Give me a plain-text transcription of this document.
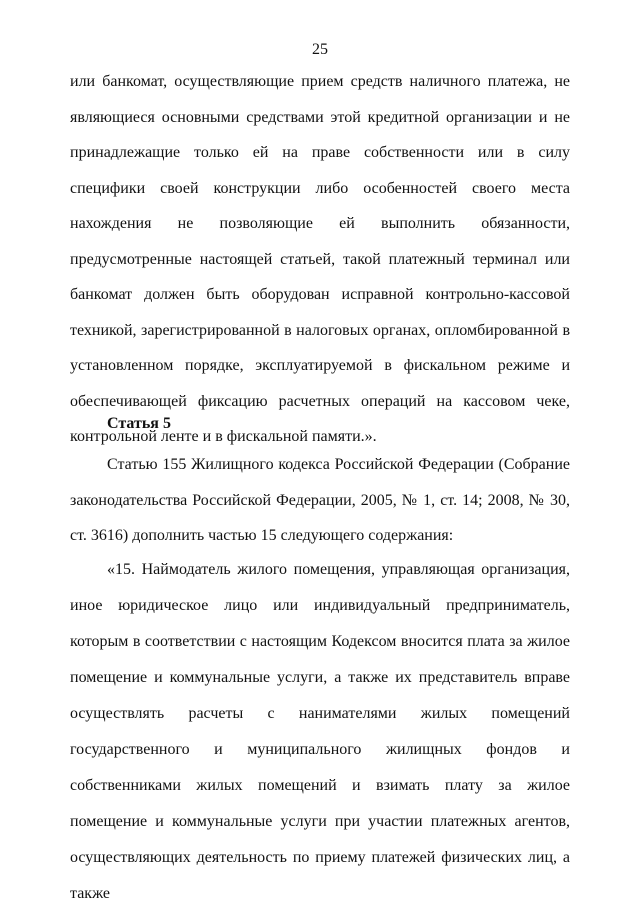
25

или банкомат, осуществляющие прием средств наличного платежа, не являющиеся основными средствами этой кредитной организации и не принадлежащие только ей на праве собственности или в силу специфики своей конструкции либо особенностей своего места нахождения не позволяющие ей выполнить обязанности, предусмотренные настоящей статьей, такой платежный терминал или банкомат должен быть оборудован исправной контрольно-кассовой техникой, зарегистрированной в налоговых органах, опломбированной в установленном порядке, эксплуатируемой в фискальном режиме и обеспечивающей фиксацию расчетных операций на кассовом чеке, контрольной ленте и в фискальной памяти.».

Статья 5

Статью 155 Жилищного кодекса Российской Федерации (Собрание законодательства Российской Федерации, 2005, № 1, ст. 14; 2008, № 30, ст. 3616) дополнить частью 15 следующего содержания:

«15. Наймодатель жилого помещения, управляющая организация, иное юридическое лицо или индивидуальный предприниматель, которым в соответствии с настоящим Кодексом вносится плата за жилое помещение и коммунальные услуги, а также их представитель вправе осуществлять расчеты с нанимателями жилых помещений государственного и муниципального жилищных фондов и собственниками жилых помещений и взимать плату за жилое помещение и коммунальные услуги при участии платежных агентов, осуществляющих деятельность по приему платежей физических лиц, а также
